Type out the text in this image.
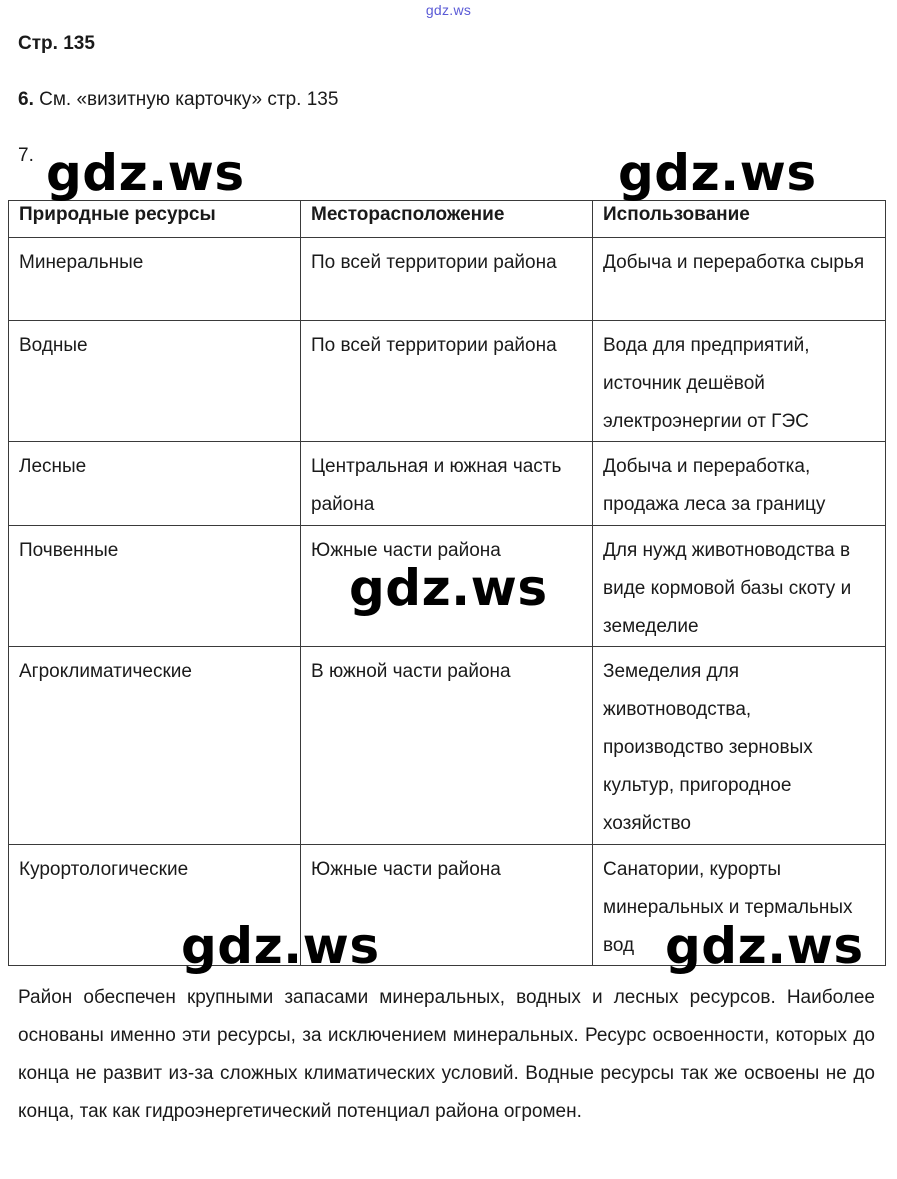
gdz.ws
Стр. 135
6. См. «визитную карточку» стр. 135
7.
Природные ресурсы	Месторасположение	Использование
Минеральные	По всей территории района	Добыча и переработка сырья
Водные	По всей территории района	Вода для предприятий, источник дешёвой электроэнергии от ГЭС
Лесные	Центральная и южная часть района	Добыча и переработка, продажа леса за границу
Почвенные	Южные части района	Для нужд животноводства в виде кормовой базы скоту и земеделие
Агроклиматические	В южной части района	Земеделия для животноводства, производство зерновых культур, пригородное хозяйство
Курортологические	Южные части района	Санатории, курорты минеральных и термальных вод
gdz.ws	gdz.ws
gdz.ws
gdz.ws	gdz.ws
Район обеспечен крупными запасами минеральных, водных и лесных ресурсов. Наиболее основаны именно эти ресурсы, за исключением минеральных. Ресурс освоенности, которых до конца не развит из-за сложных климатических условий. Водные ресурсы так же освоены не до конца, так как гидроэнергетический потенциал района огромен.
